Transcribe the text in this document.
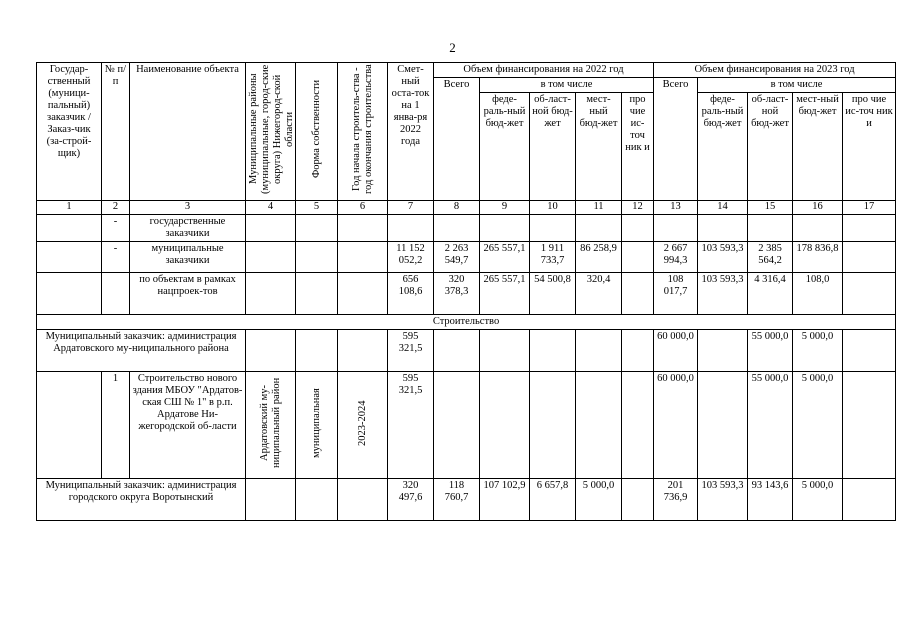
2
Государ-ственный (муници-пальный) заказчик / Заказ-чик (за-строй-щик)	№ п/п	Наименование объекта	Муниципальные районы (муниципальные, город-ские округа) Нижегород-ской области	Форма собственности	Год начала строитель-ства - год окончания строительства	Смет-ный оста-ток на 1 янва-ря 2022 года	Объем финансирования на 2022 год					Объем финансирования на 2023 год				
							Всего	в том числе				Всего	в том числе			
								феде-раль-ный бюд-жет	об-ласт-ной бюд-жет	мест-ный бюд-жет	про чие ис-точ ник и		феде-раль-ный бюд-жет	об-ласт-ной бюд-жет	мест-ный бюд-жет	про чие ис-точ ник и
1	2	3	4	5	6	7	8	9	10	11	12	13	14	15	16	17
	-	государственные заказчики														
	-	муниципальные заказчики				11 152 052,2	2 263 549,7	265 557,1	1 911 733,7	86 258,9		2 667 994,3	103 593,3	2 385 564,2	178 836,8	
		по объектам в рамках нацпроек-тов				656 108,6	320 378,3	265 557,1	54 500,8	320,4		108 017,7	103 593,3	4 316,4	108,0	
Строительство																
Муниципальный заказчик: администрация Ардатовского му-ниципального района						595 321,5						60 000,0		55 000,0	5 000,0	
	1	Строительство нового здания МБОУ "Ардатов-ская СШ № 1" в р.п. Ардатове Ни-жегородской об-ласти	Ардатовский му-ниципальный район	муниципальная	2023-2024	595 321,5						60 000,0		55 000,0	5 000,0	
Муниципальный заказчик: администрация городского округа Воротынский						320 497,6	118 760,7	107 102,9	6 657,8	5 000,0		201 736,9	103 593,3	93 143,6	5 000,0	
